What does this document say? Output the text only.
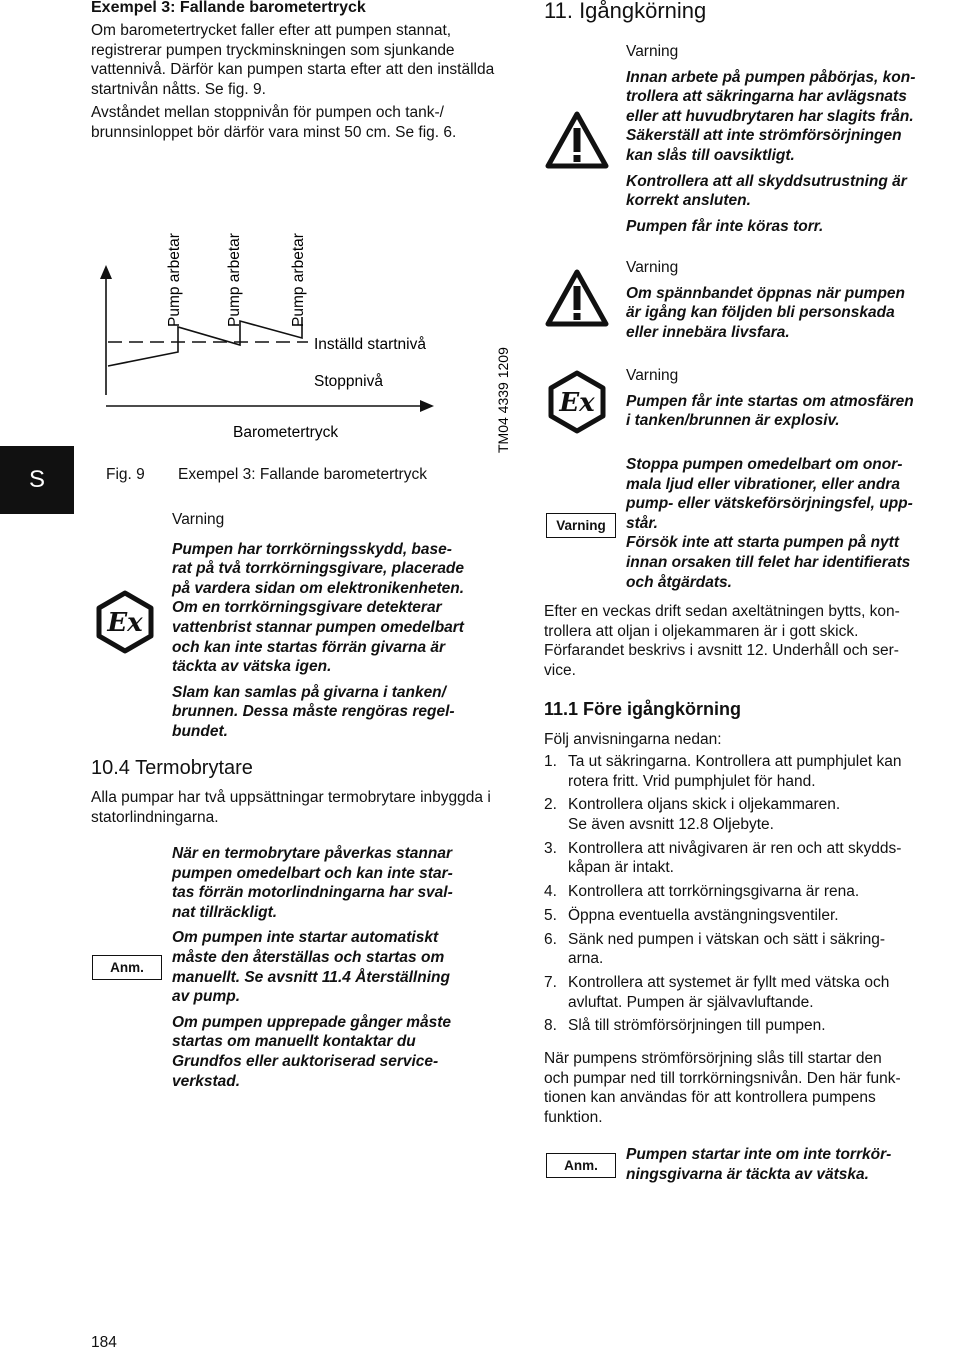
S

Exempel 3: Fallande barometertryck

Om barometertrycket faller efter att pumpen stannat, registrerar pumpen tryckminskningen som sjunkande vattennivå. Därför kan pumpen starta efter att den inställda startnivån nåtts. Se fig. 9.

Avståndet mellan stoppnivån för pumpen och tank-/ brunnsinloppet bör därför vara minst 50 cm. Se fig. 6.

Pump arbetar	Pump arbetar	Pump arbetar
Inställd startnivå
Stoppnivå
Barometertryck	TM04 4339 1209
Fig. 9 Exempel 3: Fallande barometertryck
Ex

Varning

Pumpen har torrkörningsskydd, base-

rat på två torrkörningsgivare, placerade

på vardera sidan om elektronikenheten.

Om en torrkörningsgivare detekterar

vattenbrist stannar pumpen omedelbart

och kan inte startas förrän givarna är

täckta av vätska igen.

Slam kan samlas på givarna i tanken/

brunnen. Dessa måste rengöras regel-

bundet.

10.4 Termobrytare
Alla pumpar har två uppsättningar termobrytare inbyggda i statorlindningarna.
Anm.

När en termobrytare påverkas stannar

pumpen omedelbart och kan inte star-

tas förrän motorlindningarna har sval-

nat tillräckligt.

Om pumpen inte startar automatiskt

måste den återställas och startas om

manuellt. Se avsnitt 11.4 Återställning

av pump.

Om pumpen upprepade gånger måste

startas om manuellt kontaktar du

Grundfos eller auktoriserad service-

verkstad.

184
11. Igångkörning

Varning

Innan arbete på pumpen påbörjas, kon-

trollera att säkringarna har avlägsnats

eller att huvudbrytaren har slagits från.

Säkerställ att inte strömförsörjningen

kan slås till oavsiktligt.

Kontrollera att all skyddsutrustning är

korrekt ansluten.

Pumpen får inte köras torr.

Varning

Om spännbandet öppnas när pumpen

är igång kan följden bli personskada

eller innebära livsfara.

Ex

Varning

Pumpen får inte startas om atmosfären

i tanken/brunnen är explosiv.

Varning

Stoppa pumpen omedelbart om onor-

mala ljud eller vibrationer, eller andra

pump- eller vätskeförsörjningsfel, upp-

står.

Försök inte att starta pumpen på nytt

innan orsaken till felet har identifierats

och åtgärdats.

Efter en veckas drift sedan axeltätningen bytts, kon-

trollera att oljan i oljekammaren är i gott skick.

Förfarandet beskrivs i avsnitt 12. Underhåll och ser-

vice.

11.1 Före igångkörning
Följ anvisningarna nedan:
1. Ta ut säkringarna. Kontrollera att pumphjulet kan
rotera fritt. Vrid pumphjulet för hand.
2. Kontrollera oljans skick i oljekammaren.
Se även avsnitt 12.8 Oljebyte.
3. Kontrollera att nivågivaren är ren och att skydds-
kåpan är intakt.
4. Kontrollera att torrkörningsgivarna är rena.
5. Öppna eventuella avstängningsventiler.
6. Sänk ned pumpen i vätskan och sätt i säkring-
arna.
7. Kontrollera att systemet är fyllt med vätska och
avluftat. Pumpen är självavluftande.
8. Slå till strömförsörjningen till pumpen.

När pumpens strömförsörjning slås till startar den

och pumpar ned till torrkörningsnivån. Den här funk-

tionen kan användas för att kontrollera pumpens

funktion.

Anm.

Pumpen startar inte om inte torrkör-

ningsgivarna är täckta av vätska.
